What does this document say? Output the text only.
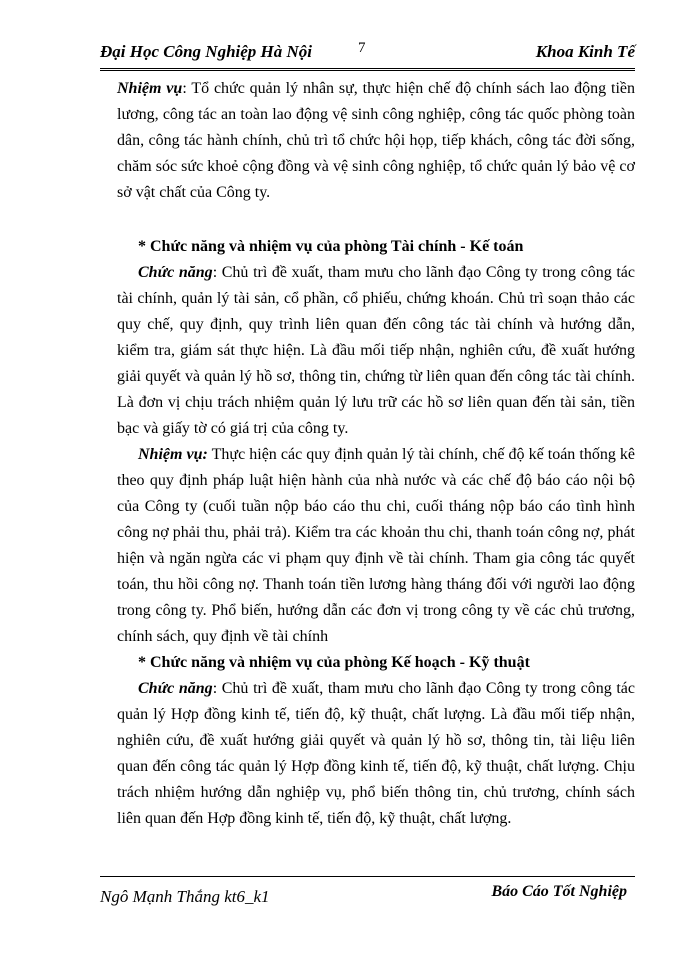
Đại Học Công Nghiệp Hà Nội	7	Khoa Kinh Tế

Nhiệm vụ: Tổ chức quản lý nhân sự, thực hiện chế độ chính sách lao động tiền lương, công tác an toàn lao động vệ sinh công nghiệp, công tác quốc phòng toàn dân, công tác hành chính, chủ trì tổ chức hội họp, tiếp khách, công tác đời sống, chăm sóc sức khoẻ cộng đồng và vệ sinh công nghiệp, tổ chức quản lý bảo vệ cơ sở vật chất của Công ty.

* Chức năng và nhiệm vụ của phòng Tài chính - Kế toán

Chức năng: Chủ trì đề xuất, tham mưu cho lãnh đạo Công ty trong công tác tài chính, quản lý tài sản, cổ phần, cổ phiếu, chứng khoán. Chủ trì soạn thảo các quy chế, quy định, quy trình liên quan đến công tác tài chính và hướng dẫn, kiểm tra, giám sát thực hiện. Là đầu mối tiếp nhận, nghiên cứu, đề xuất hướng giải quyết và quản lý hồ sơ, thông tin, chứng từ liên quan đến công tác tài chính. Là đơn vị chịu trách nhiệm quản lý lưu trữ các hồ sơ liên quan đến tài sản, tiền bạc và giấy tờ có giá trị của công ty.

Nhiệm vụ: Thực hiện các quy định quản lý tài chính, chế độ kế toán thống kê theo quy định pháp luật hiện hành của nhà nước và các chế độ báo cáo nội bộ của Công ty (cuối tuần nộp báo cáo thu chi, cuối tháng nộp báo cáo tình hình công nợ phải thu, phải trả). Kiểm tra các khoản thu chi, thanh toán công nợ, phát hiện và ngăn ngừa các vi phạm quy định về tài chính. Tham gia công tác quyết toán, thu hồi công nợ. Thanh toán tiền lương hàng tháng đối với người lao động trong công ty. Phổ biến, hướng dẫn các đơn vị trong công ty về các chủ trương, chính sách, quy định về tài chính

* Chức năng và nhiệm vụ của phòng Kế hoạch - Kỹ thuật

Chức năng: Chủ trì đề xuất, tham mưu cho lãnh đạo Công ty trong công tác quản lý Hợp đồng kinh tế, tiến độ, kỹ thuật, chất lượng. Là đầu mối tiếp nhận, nghiên cứu, đề xuất hướng giải quyết và quản lý hồ sơ, thông tin, tài liệu liên quan đến công tác quản lý Hợp đồng kinh tế, tiến độ, kỹ thuật, chất lượng. Chịu trách nhiệm hướng dẫn nghiệp vụ, phổ biến thông tin, chủ trương, chính sách liên quan đến Hợp đồng kinh tế, tiến độ, kỹ thuật, chất lượng.

Ngô Mạnh Thắng kt6_k1	Báo Cáo Tốt Nghiệp
